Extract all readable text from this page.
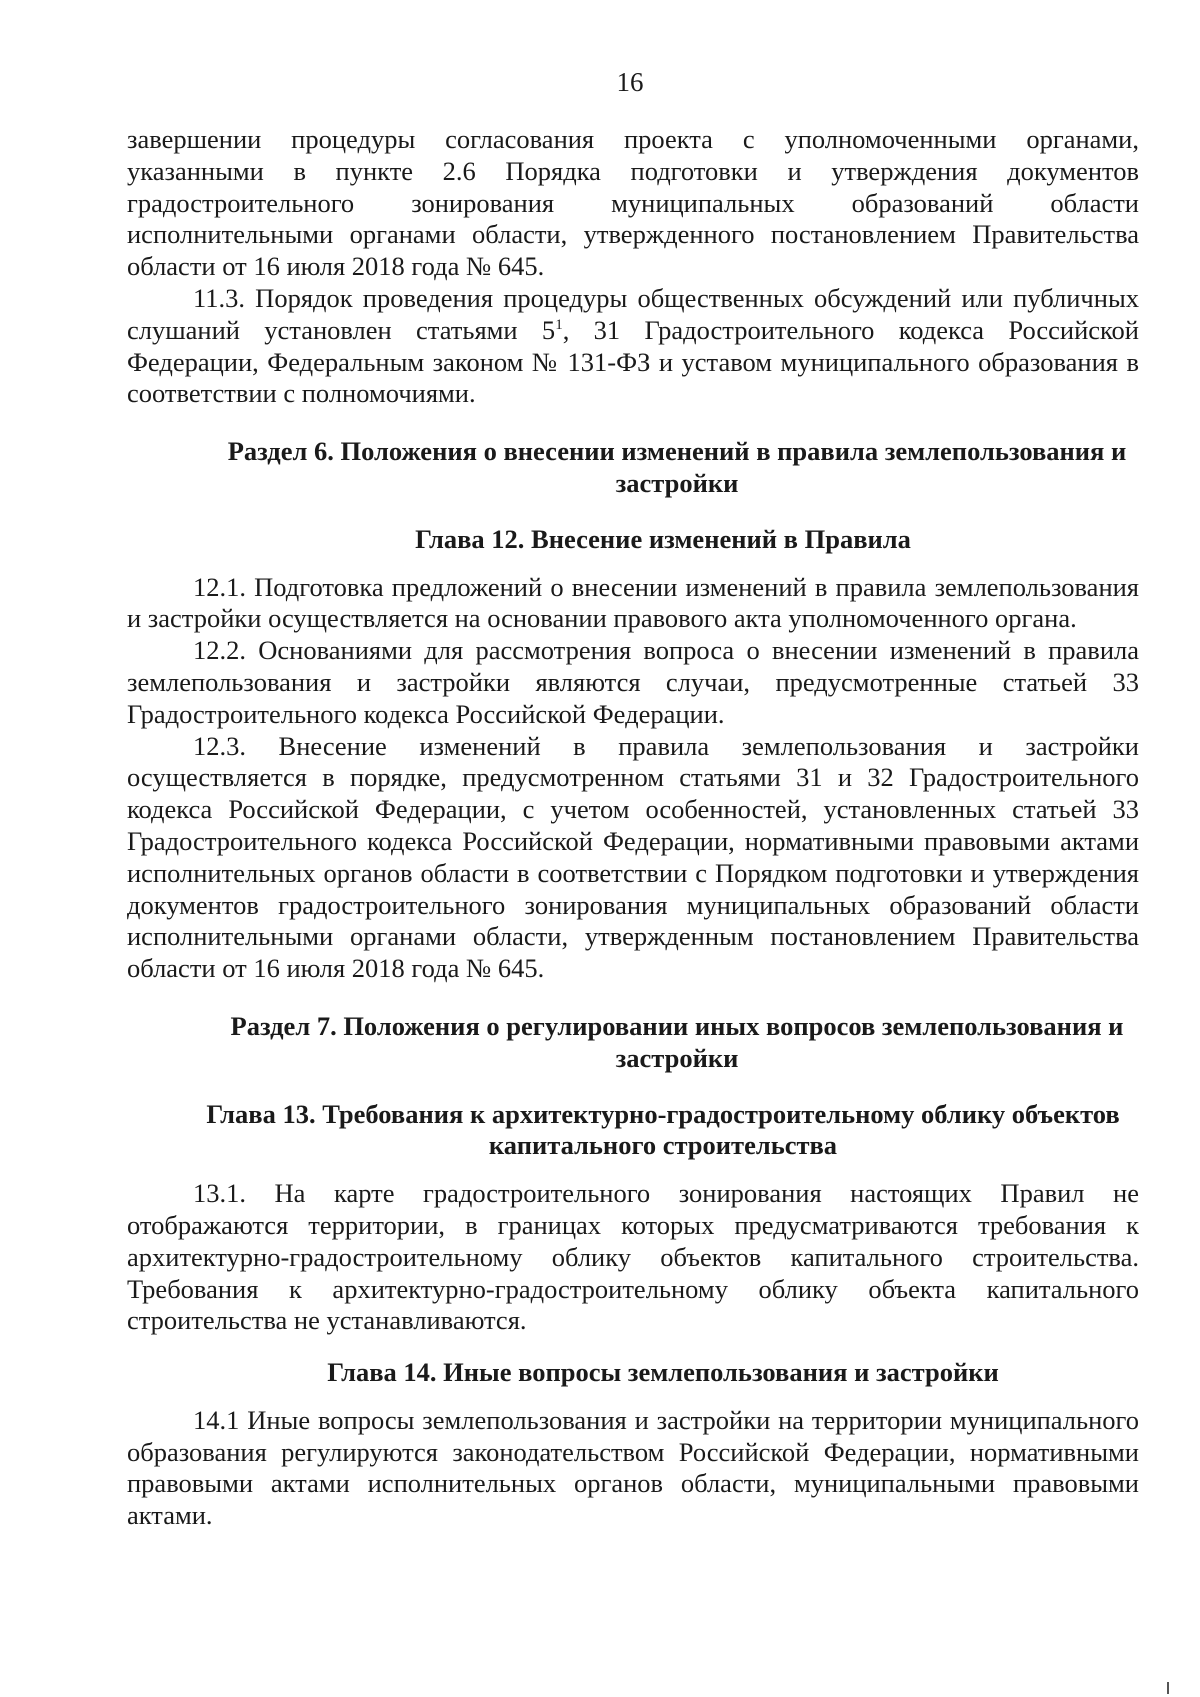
16

завершении процедуры согласования проекта с уполномоченными органами, указанными в пункте 2.6 Порядка подготовки и утверждения документов градостроительного зонирования муниципальных образований области исполнительными органами области, утвержденного постановлением Правительства области от 16 июля 2018 года № 645.

11.3. Порядок проведения процедуры общественных обсуждений или публичных слушаний установлен статьями $5^1$, 31 Градостроительного кодекса Российской Федерации, Федеральным законом № 131-ФЗ и уставом муниципального образования в соответствии с полномочиями.

Раздел 6. Положения о внесении изменений в правила землепользования и застройки
Глава 12. Внесение изменений в Правила

12.1. Подготовка предложений о внесении изменений в правила землепользования и застройки осуществляется на основании правового акта уполномоченного органа.

12.2. Основаниями для рассмотрения вопроса о внесении изменений в правила землепользования и застройки являются случаи, предусмотренные статьей 33 Градостроительного кодекса Российской Федерации.

12.3. Внесение изменений в правила землепользования и застройки осуществляется в порядке, предусмотренном статьями 31 и 32 Градостроительного кодекса Российской Федерации, с учетом особенностей, установленных статьей 33 Градостроительного кодекса Российской Федерации, нормативными правовыми актами исполнительных органов области в соответствии с Порядком подготовки и утверждения документов градостроительного зонирования муниципальных образований области исполнительными органами области, утвержденным постановлением Правительства области от 16 июля 2018 года № 645.

Раздел 7. Положения о регулировании иных вопросов землепользования и застройки
Глава 13. Требования к архитектурно-градостроительному облику объектов капитального строительства

13.1. На карте градостроительного зонирования настоящих Правил не отображаются территории, в границах которых предусматриваются требования к архитектурно-градостроительному облику объектов капитального строительства. Требования к архитектурно-градостроительному облику объекта капитального строительства не устанавливаются.

Глава 14. Иные вопросы землепользования и застройки

14.1 Иные вопросы землепользования и застройки на территории муниципального образования регулируются законодательством Российской Федерации, нормативными правовыми актами исполнительных органов области, муниципальными правовыми актами.
